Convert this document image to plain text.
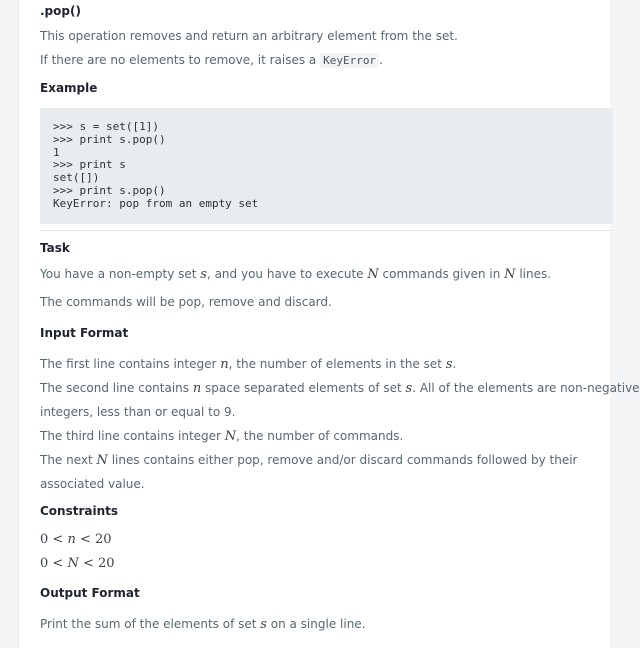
.pop()
This operation removes and return an arbitrary element from the set.
If there are no elements to remove, it raises a KeyError .
Example
>>> s = set([1])
>>> print s.pop()
1
>>> print s
set([])
>>> print s.pop()
KeyError: pop from an empty set
Task
You have a non-empty set s, and you have to execute N commands given in N lines.
The commands will be pop, remove and discard.
Input Format
The first line contains integer n, the number of elements in the set s.
The second line contains n space separated elements of set s. All of the elements are non-negative
integers, less than or equal to 9.
The third line contains integer N, the number of commands.
The next N lines contains either pop, remove and/or discard commands followed by their
associated value.
Constraints
0 < n < 20
0 < N < 20
Output Format
Print the sum of the elements of set s on a single line.
